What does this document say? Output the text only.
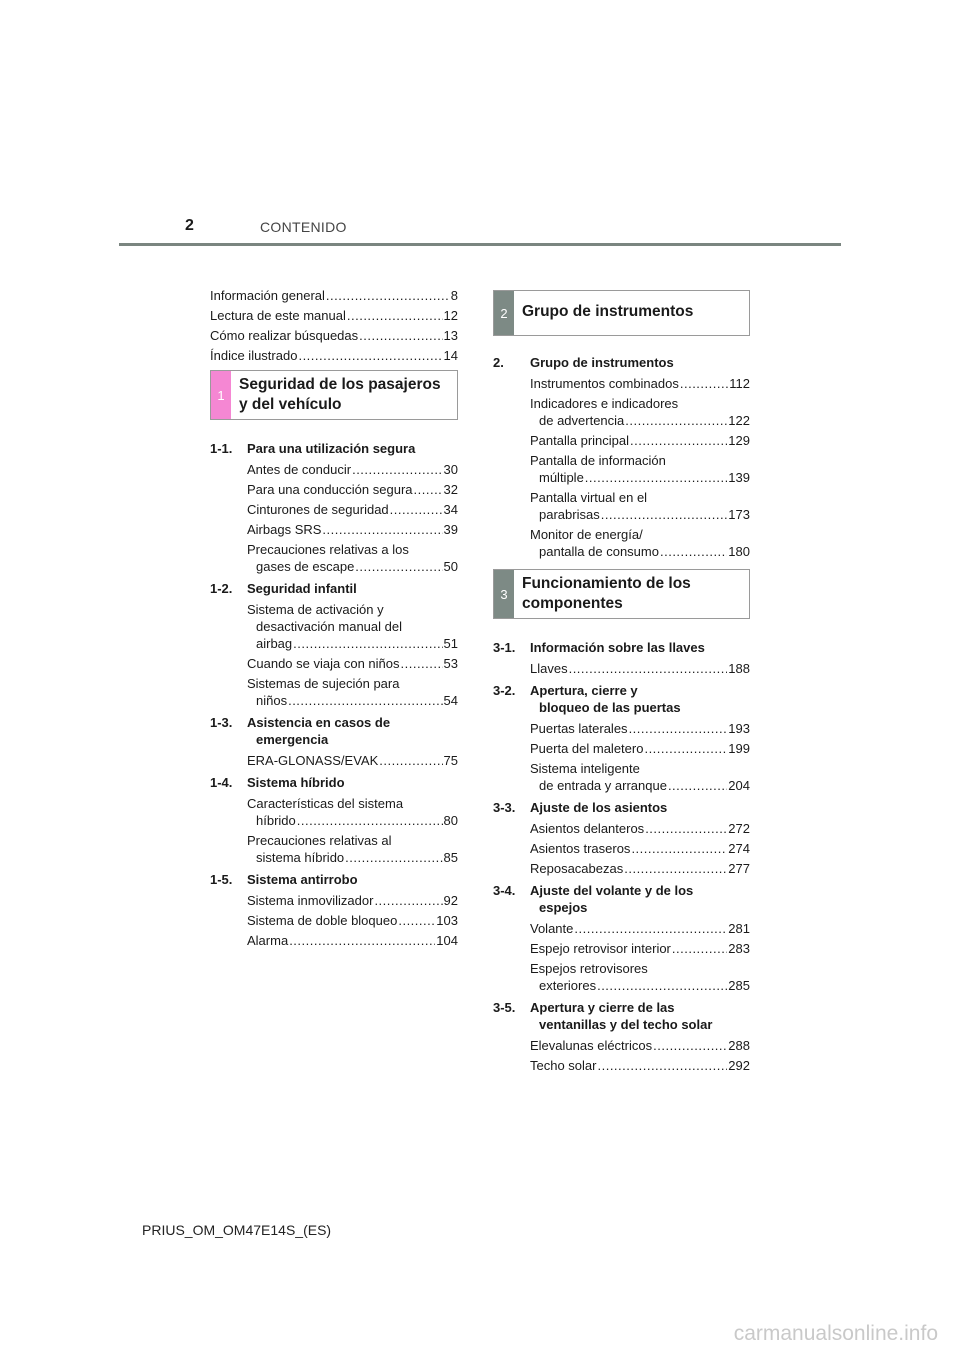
2	CONTENIDO
Información general .....	8
Lectura de este manual .....	12
Cómo realizar búsquedas .....	13
Índice ilustrado .....	14
1
Seguridad de los pasajeros
y del vehículo
1-1.	Para una utilización segura
Antes de conducir .....	30
Para una conducción segura ..... 32
Cinturones de seguridad .....	34
Airbags SRS .....	39
Precauciones relativas a los
gases de escape .....	50
1-2.	Seguridad infantil
Sistema de activación y
desactivación manual del
airbag .....	51
Cuando se viaja con niños .....	53
Sistemas de sujeción para
niños .....	54
1-3.	Asistencia en casos de
emergencia
ERA-GLONASS/EVAK .....	75
1-4.	Sistema híbrido
Características del sistema
híbrido .....	80
Precauciones relativas al
sistema híbrido .....	85
1-5.	Sistema antirrobo
Sistema inmovilizador .....	92
Sistema de doble bloqueo .....	103
Alarma .....	104
2 Grupo de instrumentos
2.	Grupo de instrumentos
Instrumentos combinados .....	112
Indicadores e indicadores
de advertencia .....	122
Pantalla principal .....	129
Pantalla de información
múltiple .....	139
Pantalla virtual en el
parabrisas .....	173
Monitor de energía/
pantalla de consumo .....	180
3
Funcionamiento de los
componentes
3-1.	Información sobre las llaves
Llaves .....	188
3-2.	Apertura, cierre y
bloqueo de las puertas
Puertas laterales .....	193
Puerta del maletero .....	199
Sistema inteligente
de entrada y arranque .....	204
3-3.	Ajuste de los asientos
Asientos delanteros .....	272
Asientos traseros .....	274
Reposacabezas .....	277
3-4.	Ajuste del volante y de los
espejos
Volante .....	281
Espejo retrovisor interior .....	283
Espejos retrovisores
exteriores .....	285
3-5.	Apertura y cierre de las
ventanillas y del techo solar
Elevalunas eléctricos .....	288
Techo solar .....	292
PRIUS_OM_OM47E14S_(ES)
carmanualsonline.info
